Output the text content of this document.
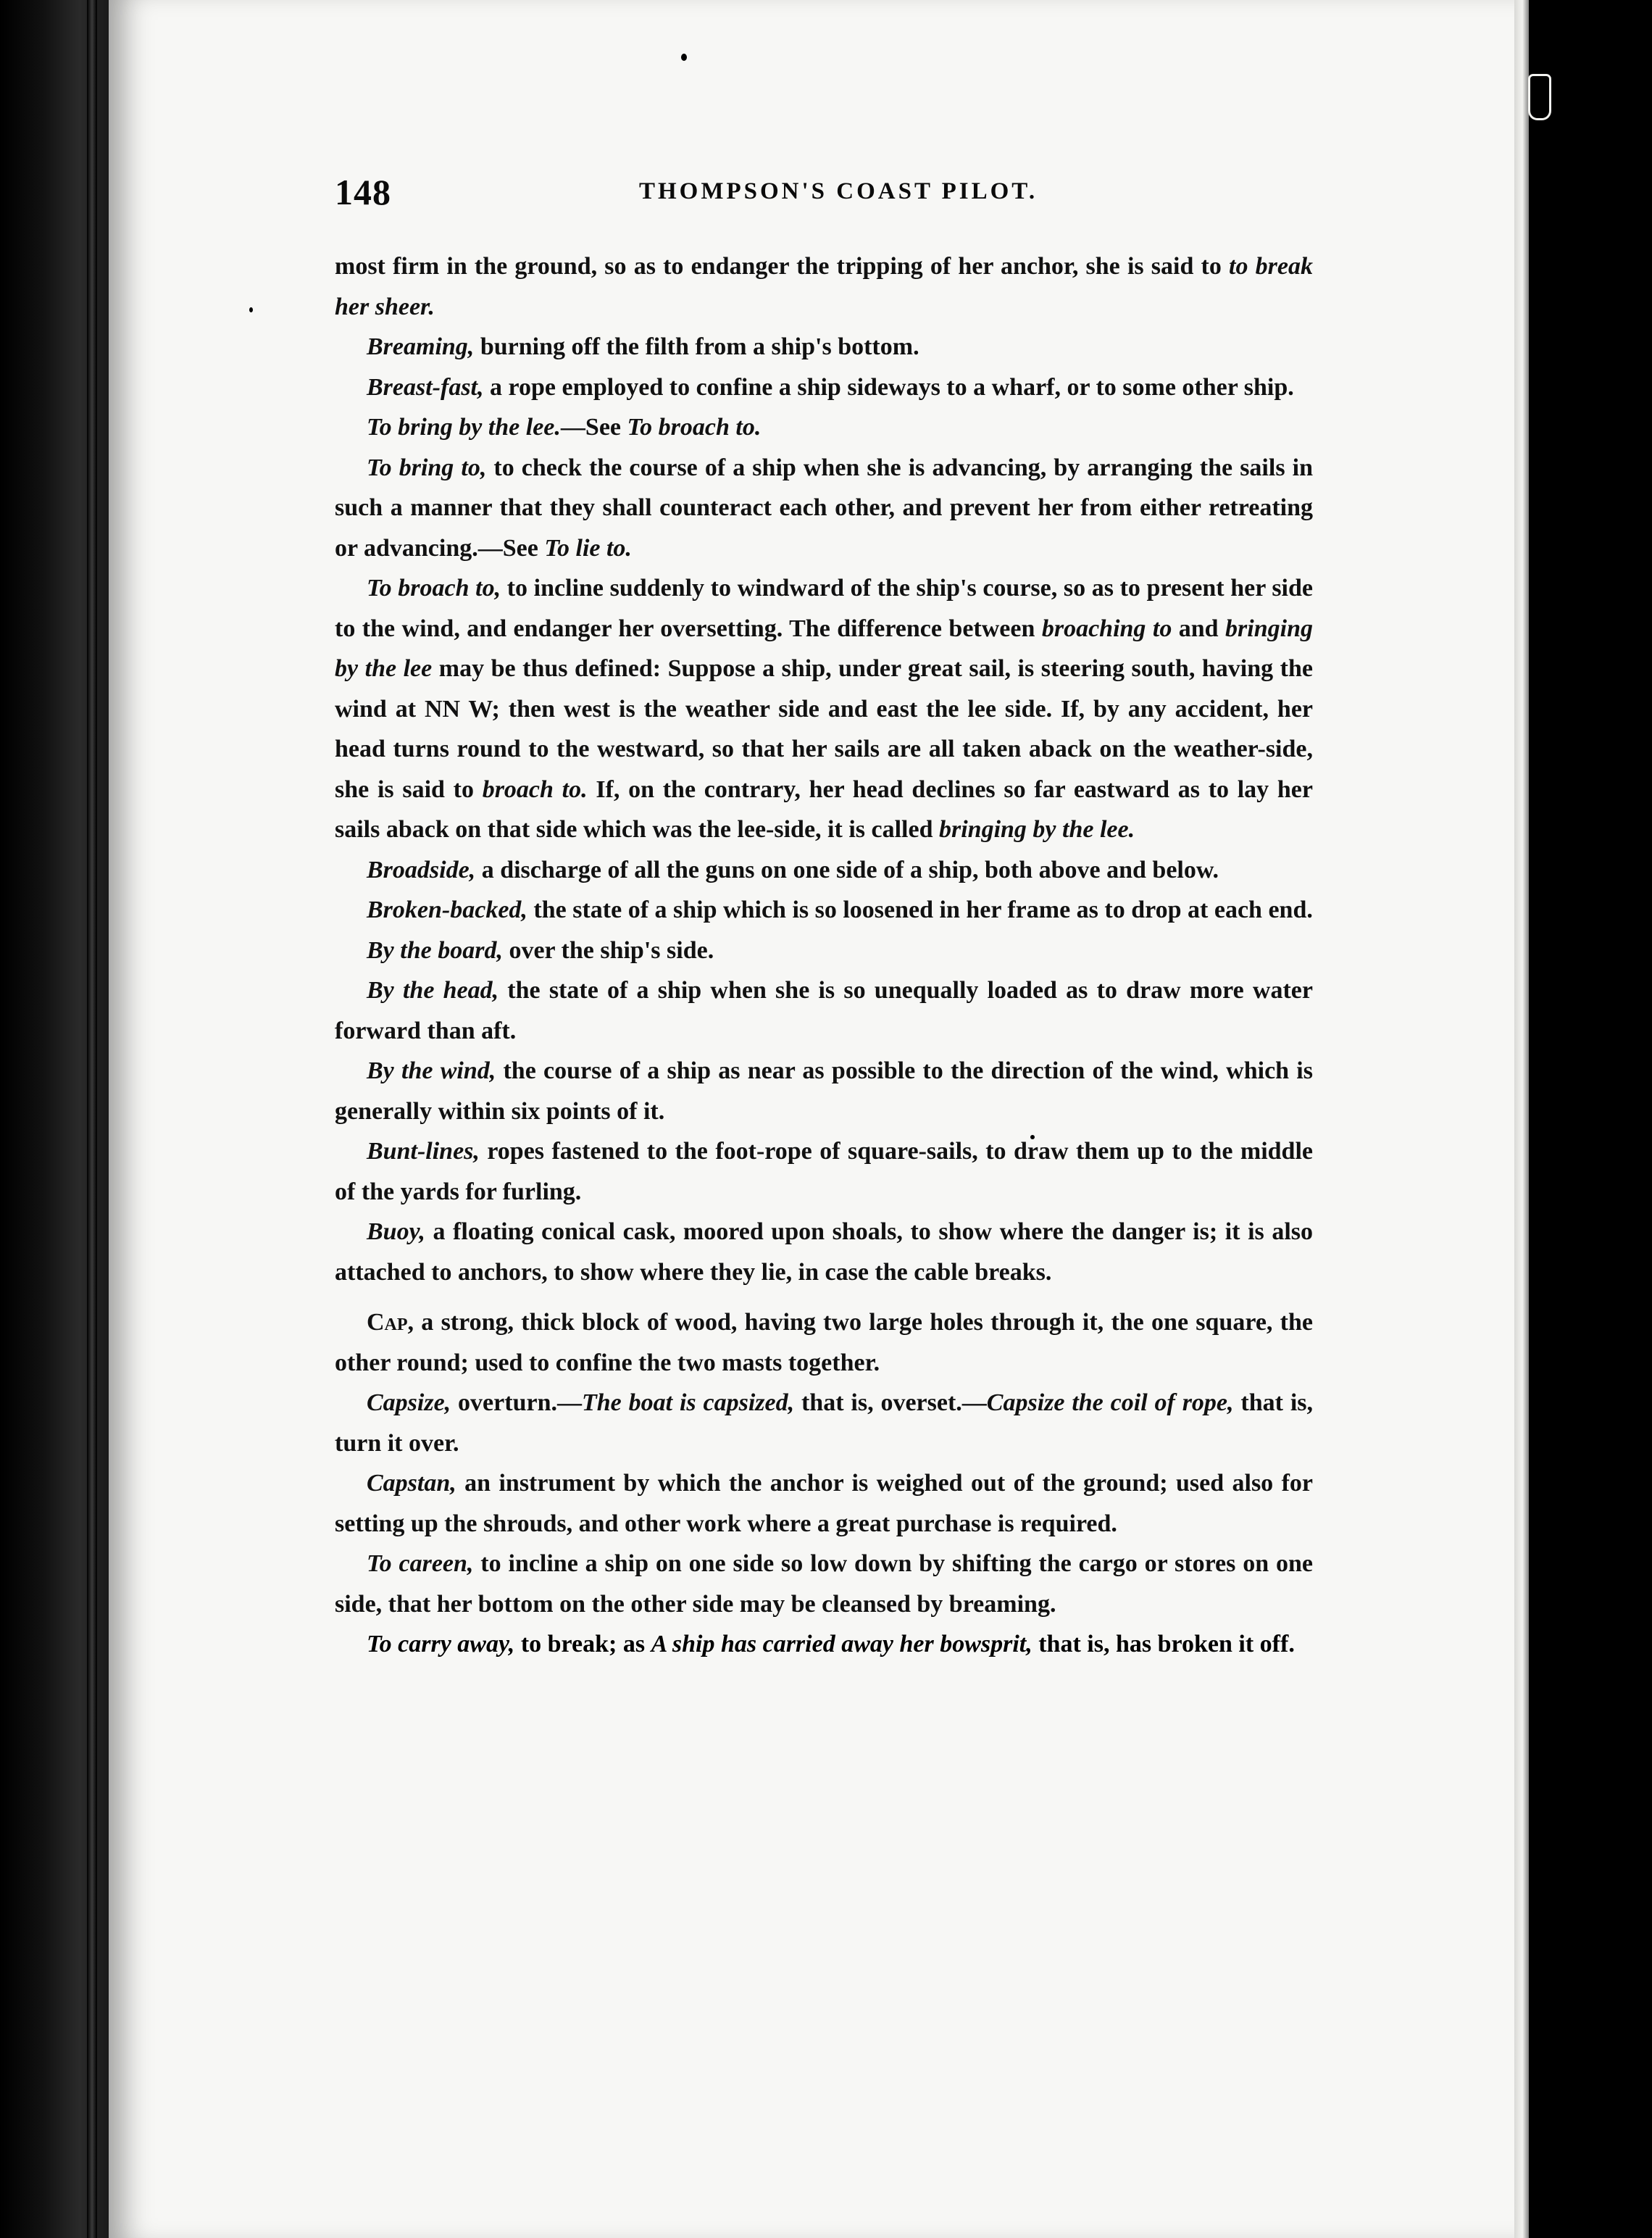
148	THOMPSON'S COAST PILOT.

most firm in the ground, so as to endanger the tripping of her anchor, she is said to to break her sheer.

Breaming, burning off the filth from a ship's bottom.

Breast-fast, a rope employed to confine a ship sideways to a wharf, or to some other ship.

To bring by the lee.—See To broach to.

To bring to, to check the course of a ship when she is advancing, by arranging the sails in such a manner that they shall counteract each other, and prevent her from either retreating or advancing.—See To lie to.

To broach to, to incline suddenly to windward of the ship's course, so as to present her side to the wind, and endanger her oversetting. The difference between broaching to and bringing by the lee may be thus defined: Suppose a ship, under great sail, is steering south, having the wind at NN W; then west is the weather side and east the lee side. If, by any accident, her head turns round to the westward, so that her sails are all taken aback on the weather-side, she is said to broach to. If, on the contrary, her head declines so far eastward as to lay her sails aback on that side which was the lee-side, it is called bringing by the lee.

Broadside, a discharge of all the guns on one side of a ship, both above and below.

Broken-backed, the state of a ship which is so loosened in her frame as to drop at each end.

By the board, over the ship's side.

By the head, the state of a ship when she is so unequally loaded as to draw more water forward than aft.

By the wind, the course of a ship as near as possible to the direction of the wind, which is generally within six points of it.

Bunt-lines, ropes fastened to the foot-rope of square-sails, to draw them up to the middle of the yards for furling.

Buoy, a floating conical cask, moored upon shoals, to show where the danger is; it is also attached to anchors, to show where they lie, in case the cable breaks.

Cap, a strong, thick block of wood, having two large holes through it, the one square, the other round; used to confine the two masts together.

Capsize, overturn.—The boat is capsized, that is, overset.—Capsize the coil of rope, that is, turn it over.

Capstan, an instrument by which the anchor is weighed out of the ground; used also for setting up the shrouds, and other work where a great purchase is required.

To careen, to incline a ship on one side so low down by shifting the cargo or stores on one side, that her bottom on the other side may be cleansed by breaming.

To carry away, to break; as A ship has carried away her bowsprit, that is, has broken it off.
